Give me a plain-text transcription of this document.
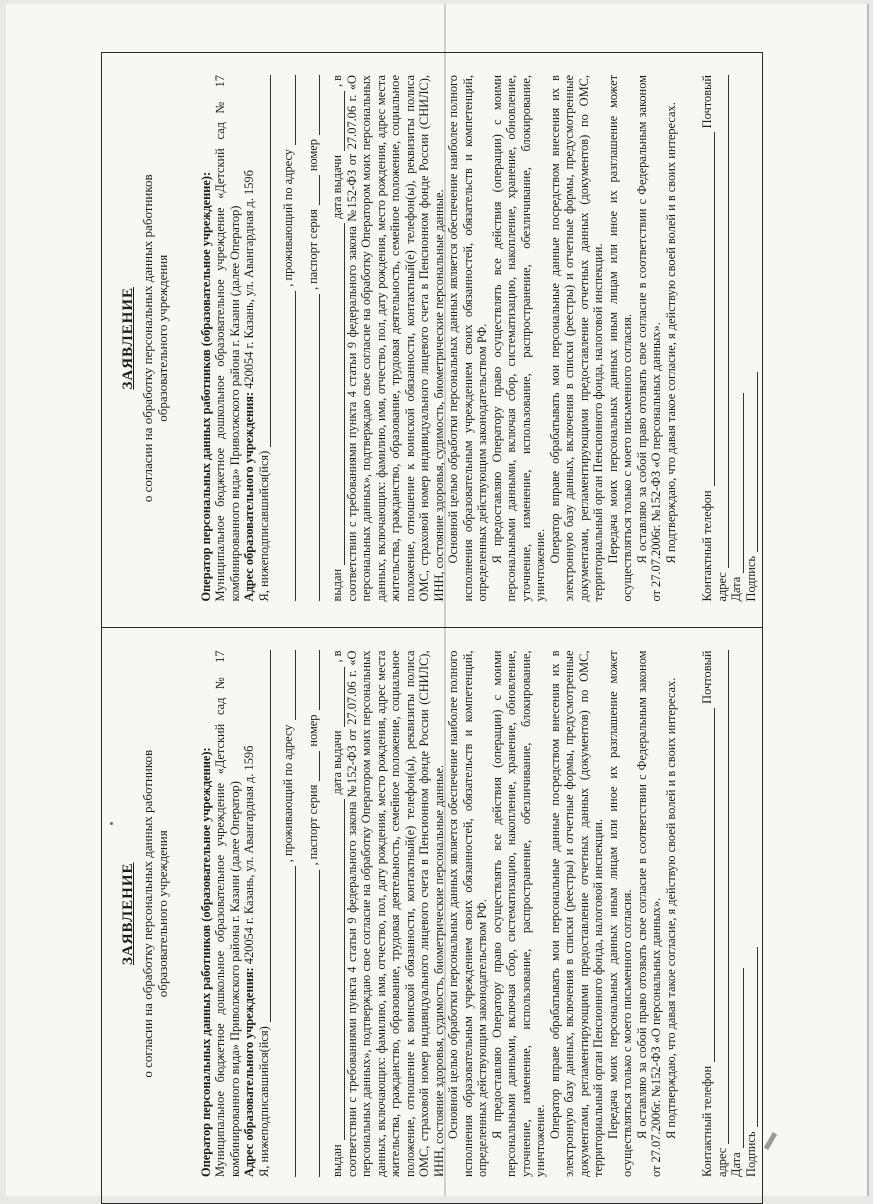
ЗАЯВЛЕНИЕ о согласии на обработку персональных данных работников образовательного учреждения Оператор персональных данных работников (образовательное учреждение): Муниципальное бюджетное дошкольное образовательное учреждение «Детский сад № 17 комбинированного вида» Приволжского района г. Казани (далее Оператор) Адрес образовательного учреждения: 420054 г. Казань, ул. Авангардная д. 159б

Я, нижеподписавшийся(йся)
, проживающий по адресу , паспорт серия
номер
выдан
дата выдачи
, в соответствии с требованиями пункта 4 статьи 9 федерального закона №152-ФЗ от 27.07.06 г. «О персональных данных», подтверждаю свое согласие на обработку Оператором моих персональных данных, включающих: фамилию, имя, отчество, пол, дату рождения, место рождения, адрес места жительства, гражданство, образование, трудовая деятельность, семейное положение, социальное положение, отношение к воинской обязанности, контактный(е) телефон(ы), реквизиты полиса ОМС, страховой номер индивидуального лицевого счета в Пенсионном фонде России (СНИЛС), ИНН, состояние здоровья, судимость, биометрические персональные данные. Основной целью обработки персональных данных является обеспечение наиболее полного исполнения образовательным учреждением своих обязанностей, обязательств и компетенций, определенных действующим законодательством РФ. Я предоставляю Оператору право осуществлять все действия (операции) с моими персональными данными, включая сбор, систематизацию, накопление, хранение, обновление, уточнение, изменение, использование, распространение, обезличивание, блокирование, уничтожение.

Оператор вправе обрабатывать мои персональные данные посредством внесения их в электронную базу данных, включения в списки (реестры) и отчетные формы, предусмотренные документами, регламентирующими предоставление отчетных данных (документов) по ОМС, территориальный орган Пенсионного фонда, налоговой инспекции. Передача моих персональных данных иным лицам или иное их разглашение может осуществляться только с моего письменного согласия. Я оставляю за собой право отозвать свое согласие в соответствии с Федеральным законом от 27.07.2006г. №152-ФЗ «О персональных данных». Я подтверждаю, что давая такое согласие, я действую своей волей и в своих интересах. Контактный телефон
Почтовый
адрес Дата Подпись
ЗАЯВЛЕНИЕ о согласии на обработку персональных данных работников образовательного учреждения Оператор персональных данных работников (образовательное учреждение): Муниципальное бюджетное дошкольное образовательное учреждение «Детский сад № 17 комбинированного вида» Приволжского района г. Казани (далее Оператор) Адрес образовательного учреждения: 420054 г. Казань, ул. Авангардная д. 159б

Я, нижеподписавшийся(йся)
, проживающий по адресу , паспорт серия
номер
выдан
дата выдачи
, в соответствии с требованиями пункта 4 статьи 9 федерального закона №152-ФЗ от 27.07.06 г. «О персональных данных», подтверждаю свое согласие на обработку Оператором моих персональных данных, включающих: фамилию, имя, отчество, пол, дату рождения, место рождения, адрес места жительства, гражданство, образование, трудовая деятельность, семейное положение, социальное положение, отношение к воинской обязанности, контактный(е) телефон(ы), реквизиты полиса ОМС, страховой номер индивидуального лицевого счета в Пенсионном фонде России (СНИЛС), ИНН, состояние здоровья, судимость, биометрические персональные данные. Основной целью обработки персональных данных является обеспечение наиболее полного исполнения образовательным учреждением своих обязанностей, обязательств и компетенций, определенных действующим законодательством РФ. Я предоставляю Оператору право осуществлять все действия (операции) с моими персональными данными, включая сбор, систематизацию, накопление, хранение, обновление, уточнение, изменение, использование, распространение, обезличивание, блокирование, уничтожение.

Оператор вправе обрабатывать мои персональные данные посредством внесения их в электронную базу данных, включения в списки (реестры) и отчетные формы, предусмотренные документами, регламентирующими предоставление отчетных данных (документов) по ОМС, территориальный орган Пенсионного фонда, налоговой инспекции. Передача моих персональных данных иным лицам или иное их разглашение может осуществляться только с моего письменного согласия. Я оставляю за собой право отозвать свое согласие в соответствии с Федеральным законом от 27.07.2006г. №152-ФЗ «О персональных данных». Я подтверждаю, что давая такое согласие, я действую своей волей и в своих интересах. Контактный телефон
Почтовый
адрес Дата Подпись
